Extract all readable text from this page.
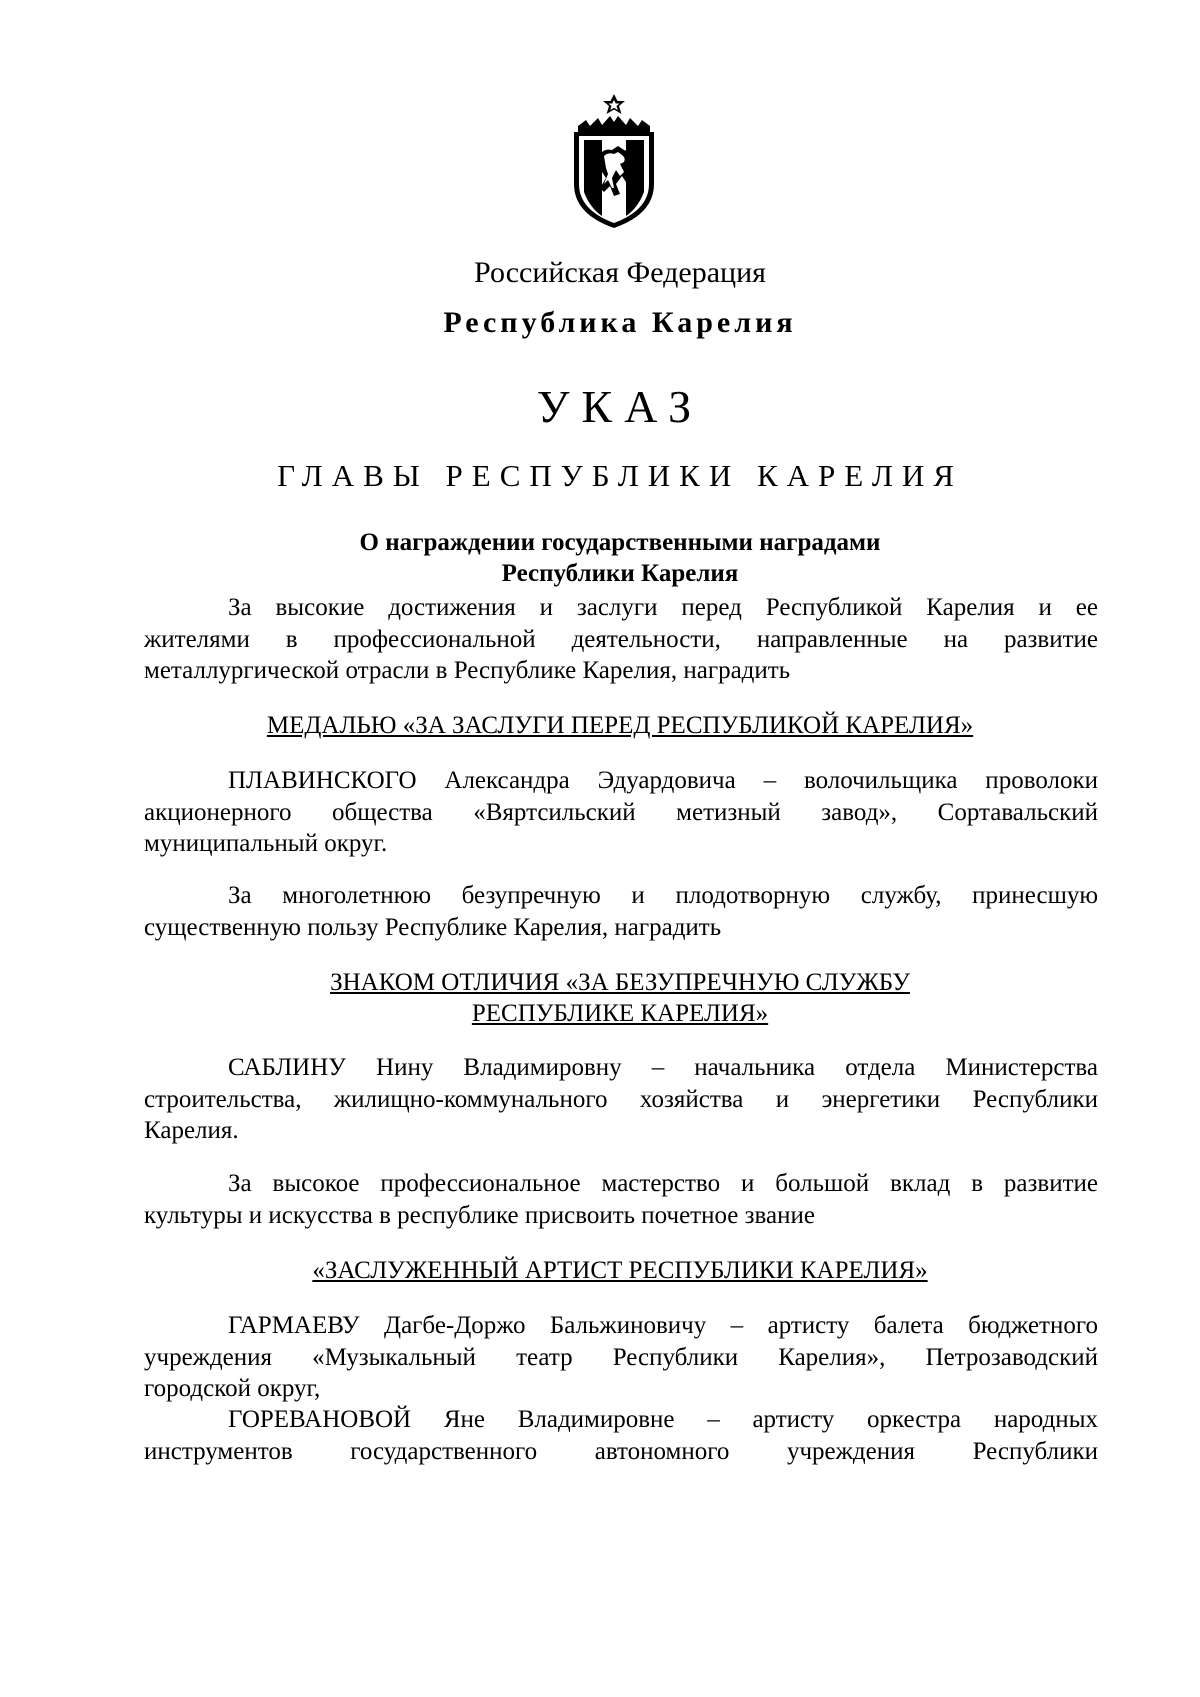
Российская Федерация
Республика Карелия
УКАЗ
ГЛАВЫ РЕСПУБЛИКИ КАРЕЛИЯ
О награждении государственными наградами
Республики Карелия
За высокие достижения и заслуги перед Республикой Карелия и ее
жителями в профессиональной деятельности, направленные на развитие
металлургической отрасли в Республике Карелия, наградить
МЕДАЛЬЮ «ЗА ЗАСЛУГИ ПЕРЕД РЕСПУБЛИКОЙ КАРЕЛИЯ»
ПЛАВИНСКОГО Александра Эдуардовича – волочильщика проволоки
акционерного общества «Вяртсильский метизный завод», Сортавальский
муниципальный округ.
За многолетнюю безупречную и плодотворную службу, принесшую
существенную пользу Республике Карелия, наградить
ЗНАКОМ ОТЛИЧИЯ «ЗА БЕЗУПРЕЧНУЮ СЛУЖБУ
РЕСПУБЛИКЕ КАРЕЛИЯ»
САБЛИНУ Нину Владимировну – начальника отдела Министерства
строительства, жилищно-коммунального хозяйства и энергетики Республики
Карелия.
За высокое профессиональное мастерство и большой вклад в развитие
культуры и искусства в республике присвоить почетное звание
«ЗАСЛУЖЕННЫЙ АРТИСТ РЕСПУБЛИКИ КАРЕЛИЯ»
ГАРМАЕВУ Дагбе-Доржо Бальжиновичу – артисту балета бюджетного
учреждения «Музыкальный театр Республики Карелия», Петрозаводский
городской округ,
ГОРЕВАНОВОЙ Яне Владимировне – артисту оркестра народных
инструментов государственного автономного учреждения Республики
